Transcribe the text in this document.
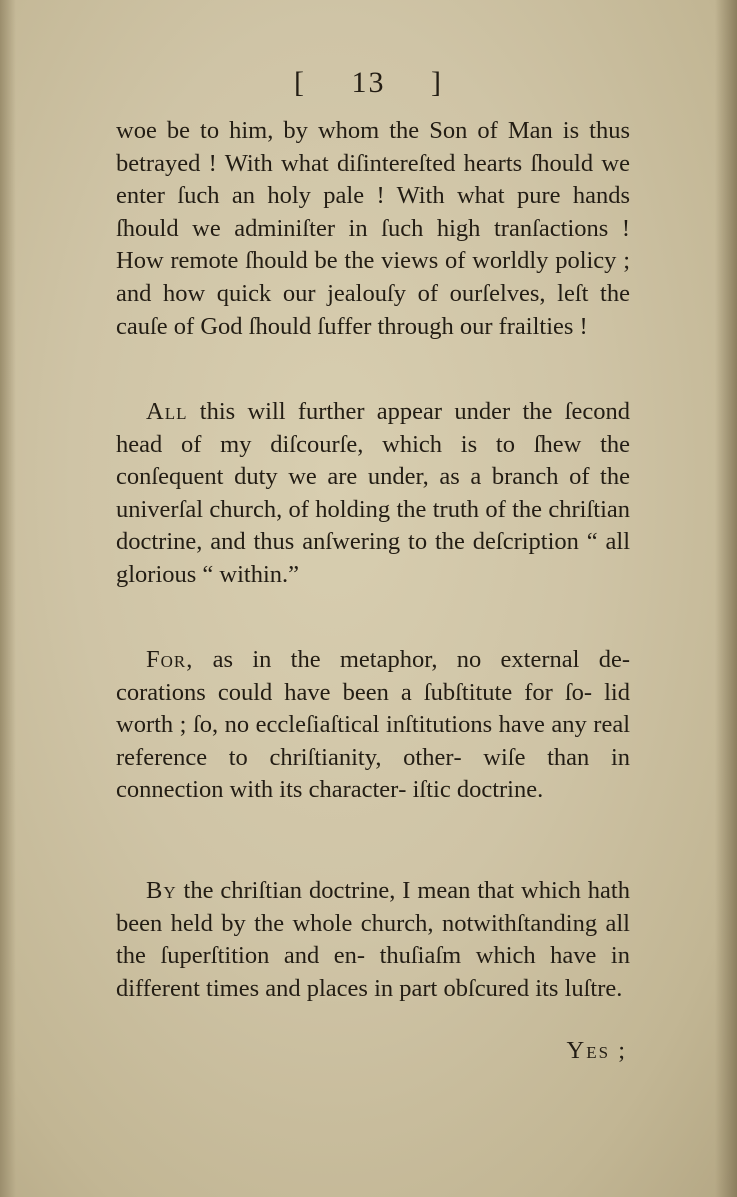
[ 13 ]

woe be to him, by whom the Son of Man is thus betrayed ! With what diſintereſted hearts ſhould we enter ſuch an holy pale ! With what pure hands ſhould we adminiſter in ſuch high tranſactions ! How remote ſhould be the views of worldly policy ; and how quick our jealouſy of ourſelves, leſt the cauſe of God ſhould ſuffer through our frailties !

All this will further appear under the ſecond head of my diſcourſe, which is to ſhew the conſequent duty we are under, as a branch of the univerſal church, of holding the truth of the chriſtian doctrine, and thus anſwering to the deſcription “ all glorious “ within.”

For, as in the metaphor, no external de‐ corations could have been a ſubſtitute for ſo‐ lid worth ; ſo, no eccleſiaſtical inſtitutions have any real reference to chriſtianity, other‐ wiſe than in connection with its character‐ iſtic doctrine.

By the chriſtian doctrine, I mean that which hath been held by the whole church, notwithſtanding all the ſuperſtition and en‐ thuſiaſm which have in different times and places in part obſcured its luſtre.

Yes ;
